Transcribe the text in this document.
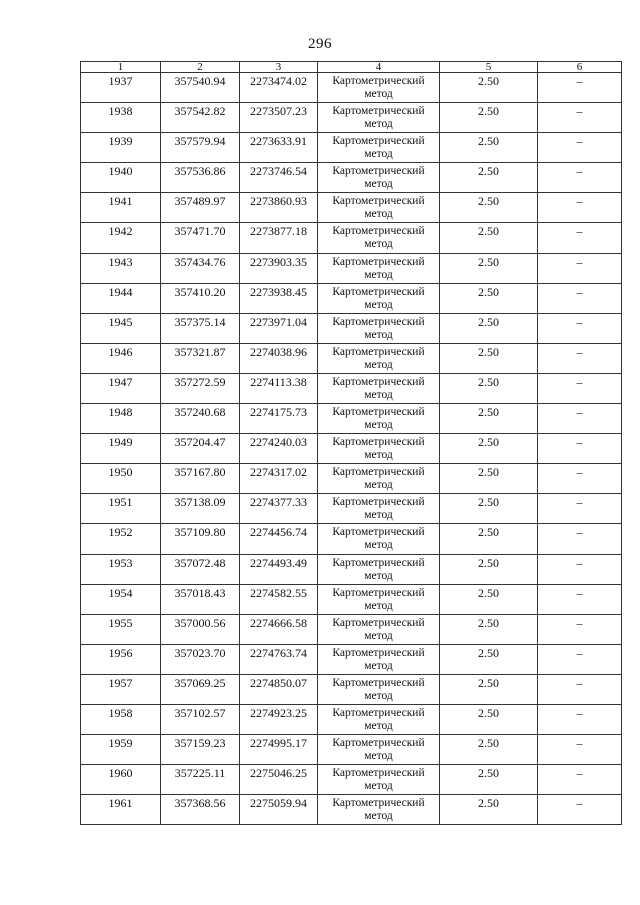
296
1	2	3	4	5	6
1937	357540.94	2273474.02	Картометрический метод	2.50	–
1938	357542.82	2273507.23	Картометрический метод	2.50	–
1939	357579.94	2273633.91	Картометрический метод	2.50	–
1940	357536.86	2273746.54	Картометрический метод	2.50	–
1941	357489.97	2273860.93	Картометрический метод	2.50	–
1942	357471.70	2273877.18	Картометрический метод	2.50	–
1943	357434.76	2273903.35	Картометрический метод	2.50	–
1944	357410.20	2273938.45	Картометрический метод	2.50	–
1945	357375.14	2273971.04	Картометрический метод	2.50	–
1946	357321.87	2274038.96	Картометрический метод	2.50	–
1947	357272.59	2274113.38	Картометрический метод	2.50	–
1948	357240.68	2274175.73	Картометрический метод	2.50	–
1949	357204.47	2274240.03	Картометрический метод	2.50	–
1950	357167.80	2274317.02	Картометрический метод	2.50	–
1951	357138.09	2274377.33	Картометрический метод	2.50	–
1952	357109.80	2274456.74	Картометрический метод	2.50	–
1953	357072.48	2274493.49	Картометрический метод	2.50	–
1954	357018.43	2274582.55	Картометрический метод	2.50	–
1955	357000.56	2274666.58	Картометрический метод	2.50	–
1956	357023.70	2274763.74	Картометрический метод	2.50	–
1957	357069.25	2274850.07	Картометрический метод	2.50	–
1958	357102.57	2274923.25	Картометрический метод	2.50	–
1959	357159.23	2274995.17	Картометрический метод	2.50	–
1960	357225.11	2275046.25	Картометрический метод	2.50	–
1961	357368.56	2275059.94	Картометрический метод	2.50	–
